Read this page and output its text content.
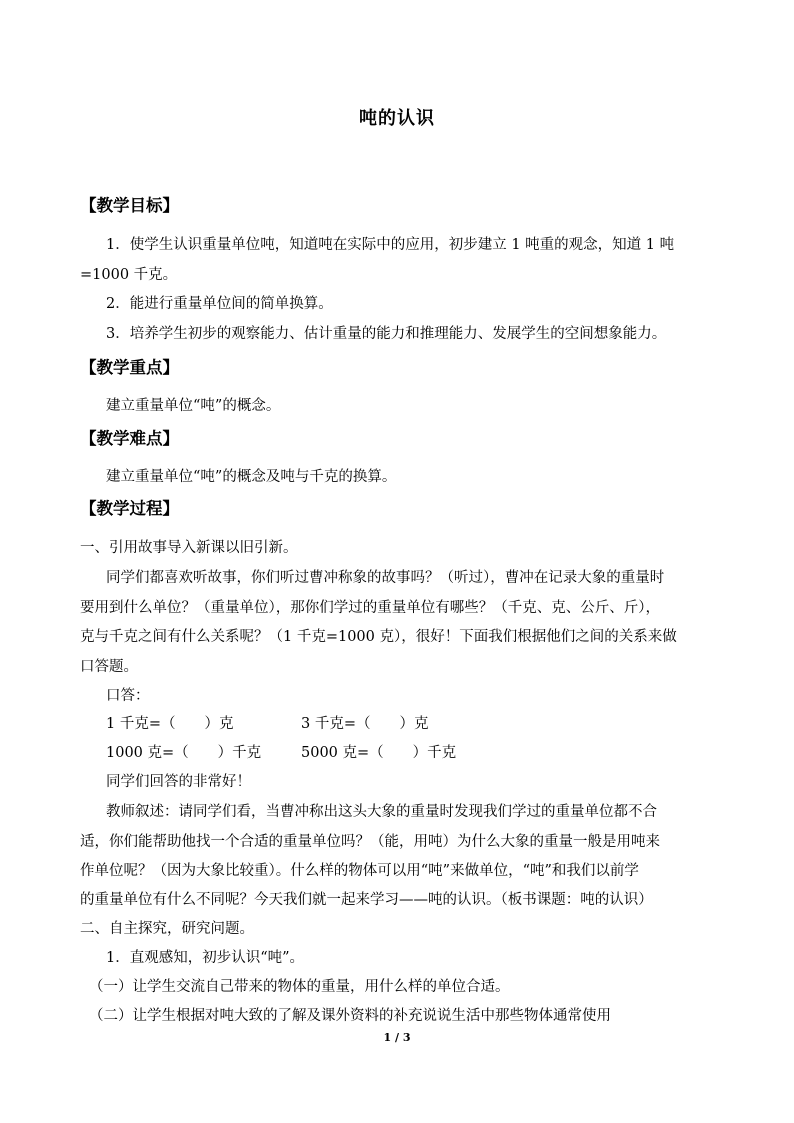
吨的认识
【教学目标】
1．使学生认识重量单位吨，知道吨在实际中的应用，初步建立 1 吨重的观念，知道 1 吨
=1000 千克。
2．能进行重量单位间的简单换算。
3．培养学生初步的观察能力、估计重量的能力和推理能力、发展学生的空间想象能力。
【教学重点】
建立重量单位“吨”的概念。
【教学难点】
建立重量单位“吨”的概念及吨与千克的换算。
【教学过程】
一、引用故事导入新课以旧引新。
同学们都喜欢听故事，你们听过曹冲称象的故事吗？（听过），曹冲在记录大象的重量时
要用到什么单位？（重量单位），那你们学过的重量单位有哪些？（千克、克、公斤、斤），
克与千克之间有什么关系呢？（1 千克=1000 克），很好！下面我们根据他们之间的关系来做
口答题。
口答：
1 千克=（　　）克	3 千克=（　　）克
1000 克=（　　）千克	5000 克=（　　）千克
同学们回答的非常好！
教师叙述：请同学们看，当曹冲称出这头大象的重量时发现我们学过的重量单位都不合
适，你们能帮助他找一个合适的重量单位吗？（能，用吨）为什么大象的重量一般是用吨来
作单位呢？（因为大象比较重）。什么样的物体可以用“吨”来做单位，“吨”和我们以前学
的重量单位有什么不同呢？今天我们就一起来学习——吨的认识。（板书课题：吨的认识）
二、自主探究，研究问题。
1．直观感知，初步认识“吨”。
（一）让学生交流自己带来的物体的重量，用什么样的单位合适。
（二）让学生根据对吨大致的了解及课外资料的补充说说生活中那些物体通常使用
1 / 3
